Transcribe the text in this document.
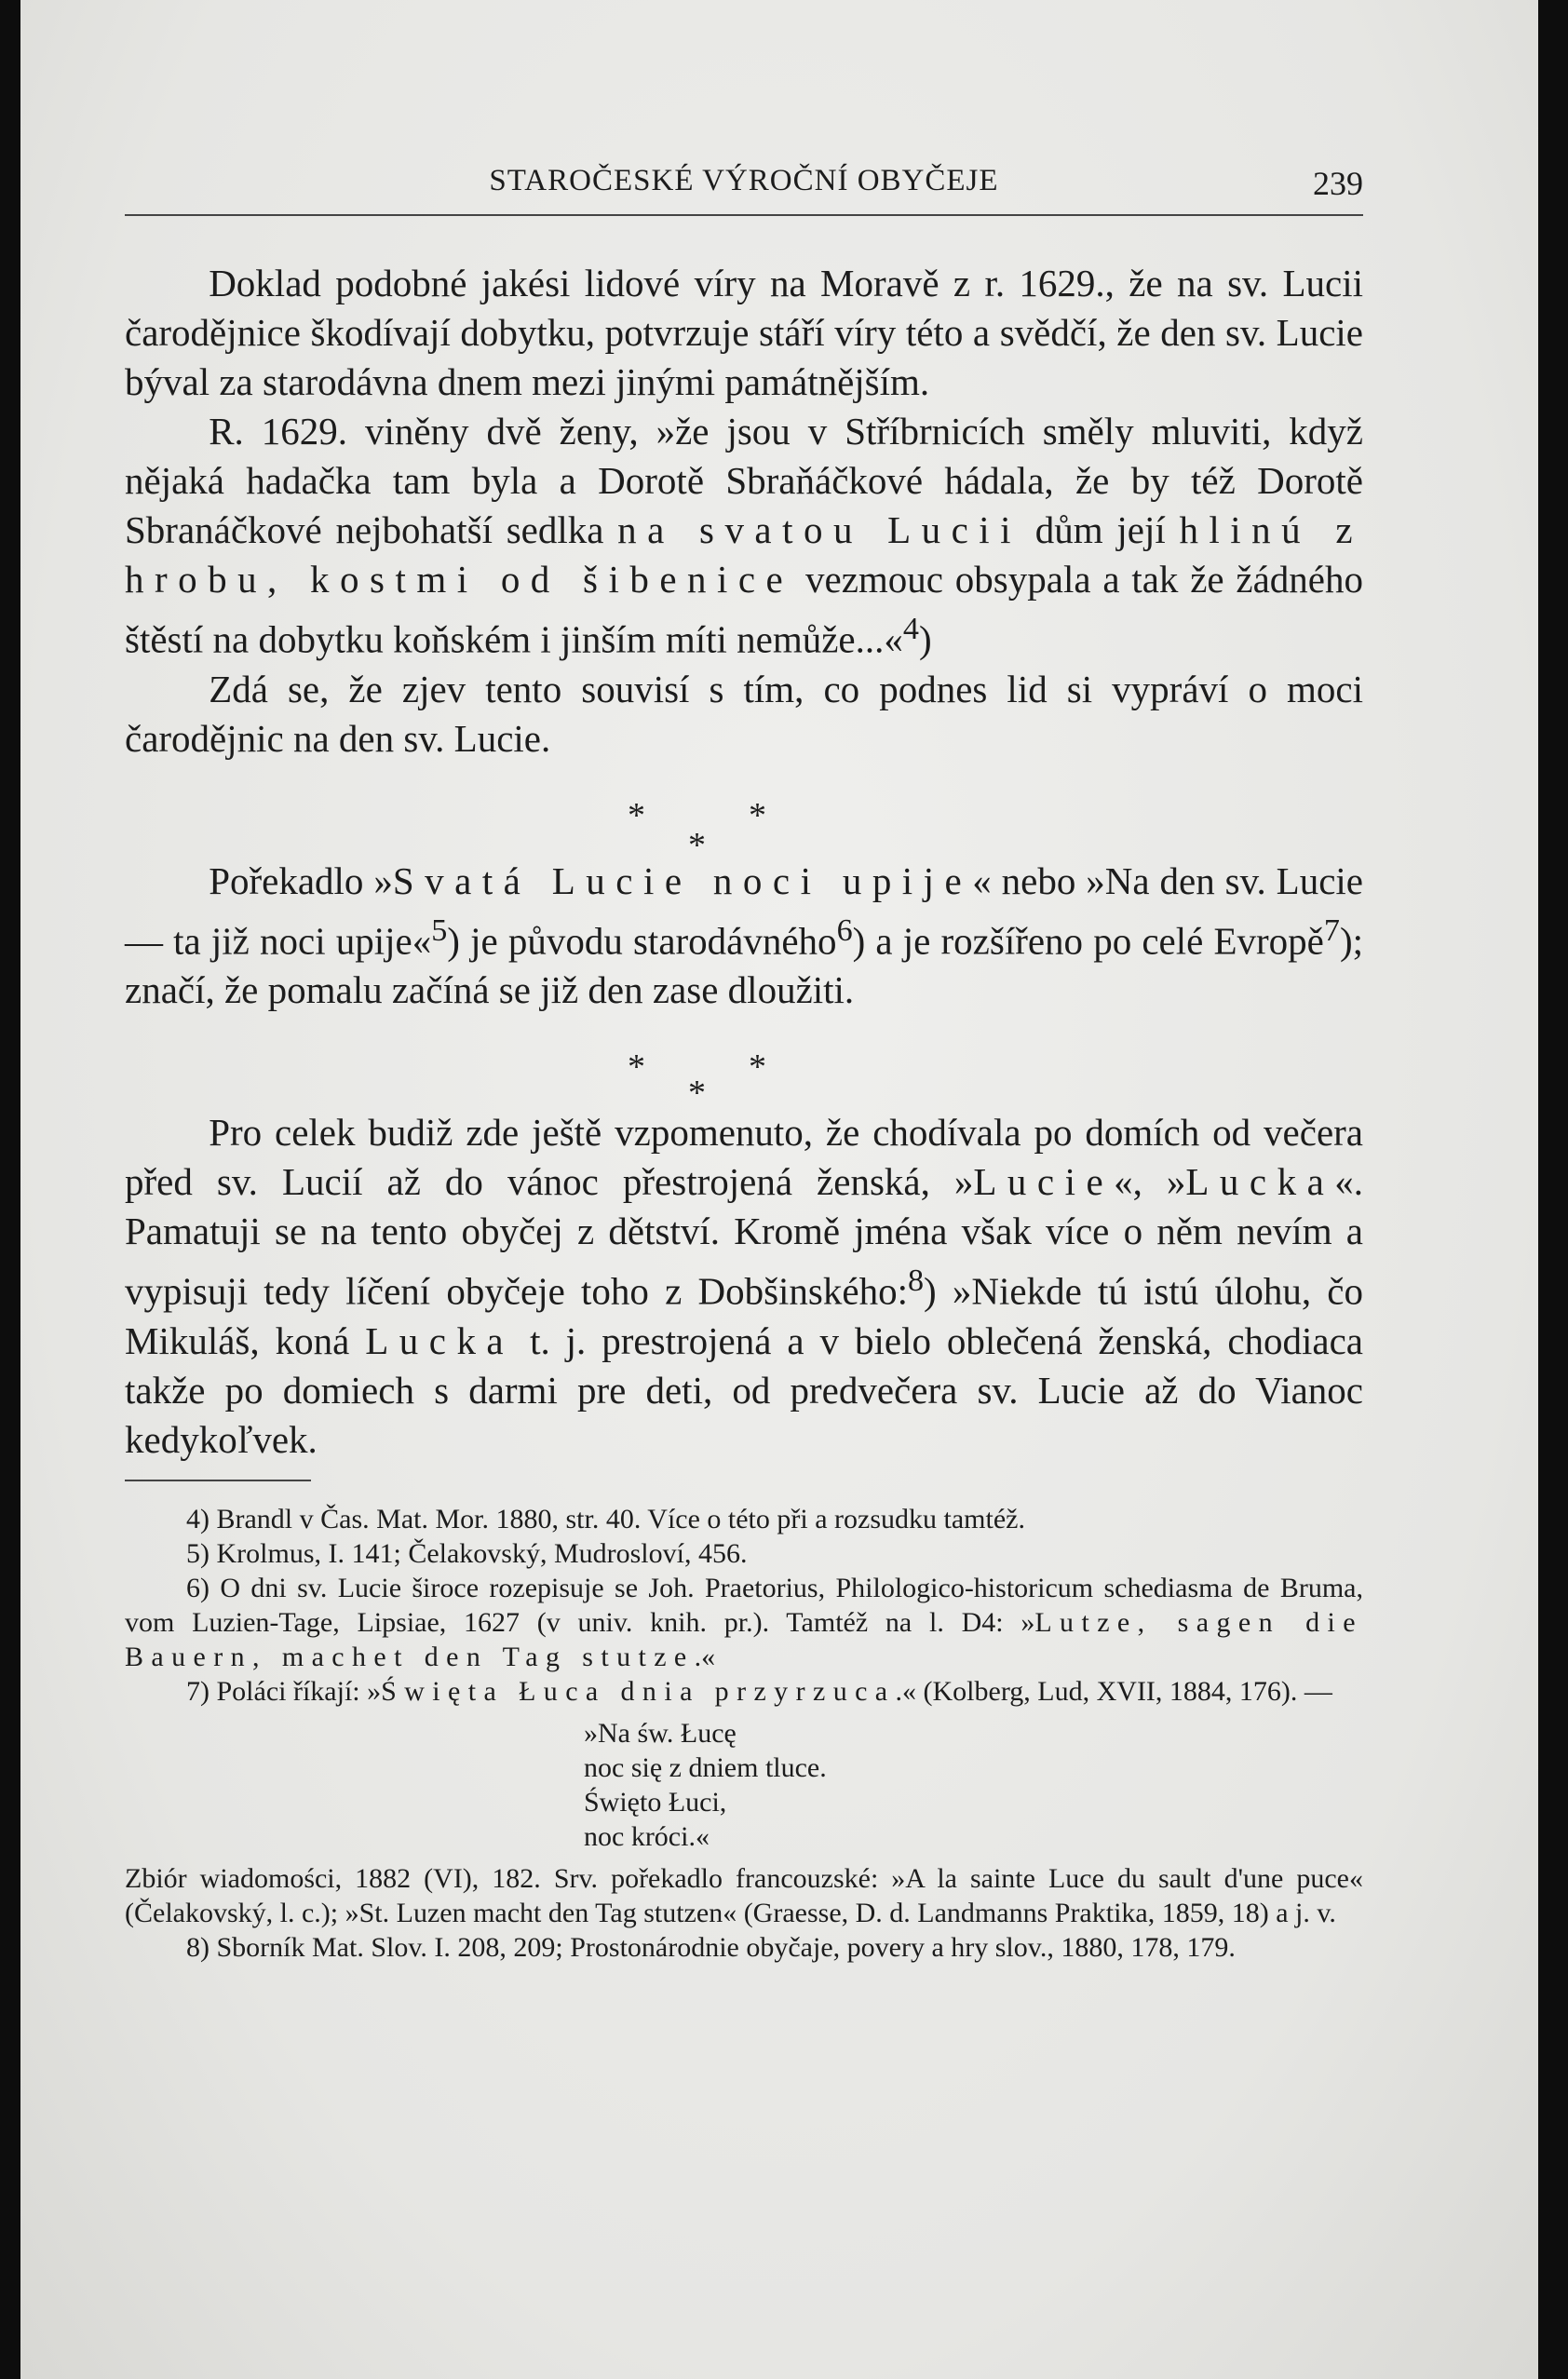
STAROČESKÉ VÝROČNÍ OBYČEJE	239

Doklad podobné jakési lidové víry na Moravě z r. 1629., že na sv. Lucii čarodějnice škodívají dobytku, potvrzuje stáří víry této a svědčí, že den sv. Lucie býval za starodávna dnem mezi jinými památnějším.

R. 1629. viněny dvě ženy, »že jsou v Stříbrnicích směly mluviti, když nějaká hadačka tam byla a Dorotě Sbraňáčkové hádala, že by též Dorotě Sbranáčkové nejbohatší sedlka na svatou Lucii dům její hlinú z hrobu, kostmi od šibenice vezmouc obsypala a tak že žádného štěstí na dobytku koňském i jinším míti nemůže...«$^4$)

Zdá se, že zjev tento souvisí s tím, co podnes lid si vypráví o moci čarodějnic na den sv. Lucie.

*	*
*

Pořekadlo »Svatá Lucie noci upije« nebo »Na den sv. Lucie — ta již noci upije«$^5$) je původu starodávného$^6$) a je rozšířeno po celé Evropě$^7$); značí, že pomalu začíná se již den zase dloužiti.

*	*
*

Pro celek budiž zde ještě vzpomenuto, že chodívala po domích od večera před sv. Lucií až do vánoc přestrojená ženská, »Lucie«, »Lucka«. Pamatuji se na tento obyčej z dětství. Kromě jména však více o něm nevím a vypisuji tedy líčení obyčeje toho z Dobšinského:$^8$) »Niekde tú istú úlohu, čo Mikuláš, koná Lucka t. j. prestrojená a v bielo oblečená ženská, chodiaca takže po domiech s darmi pre deti, od predvečera sv. Lucie až do Vianoc kedykoľvek.

4) Brandl v Čas. Mat. Mor. 1880, str. 40. Více o této při a rozsudku tamtéž.

5) Krolmus, I. 141; Čelakovský, Mudrosloví, 456.

6) O dni sv. Lucie široce rozepisuje se Joh. Praetorius, Philologico-historicum schediasma de Bruma, vom Luzien-Tage, Lipsiae, 1627 (v univ. knih. pr.). Tamtéž na l. D4: »Lutze, sagen die Bauern, machet den Tag stutze.«

7) Poláci říkají: »Święta Łuca dnia przyrzuca.« (Kolberg, Lud, XVII, 1884, 176). —

»Na św. Łucę
noc się z dniem tluce.
Święto Łuci,
noc króci.«

Zbiór wiadomości, 1882 (VI), 182. Srv. pořekadlo francouzské: »A la sainte Luce du sault d'une puce« (Čelakovský, l. c.); »St. Luzen macht den Tag stutzen« (Graesse, D. d. Landmanns Praktika, 1859, 18) a j. v.

8) Sborník Mat. Slov. I. 208, 209; Prostonárodnie obyčaje, povery a hry slov., 1880, 178, 179.
